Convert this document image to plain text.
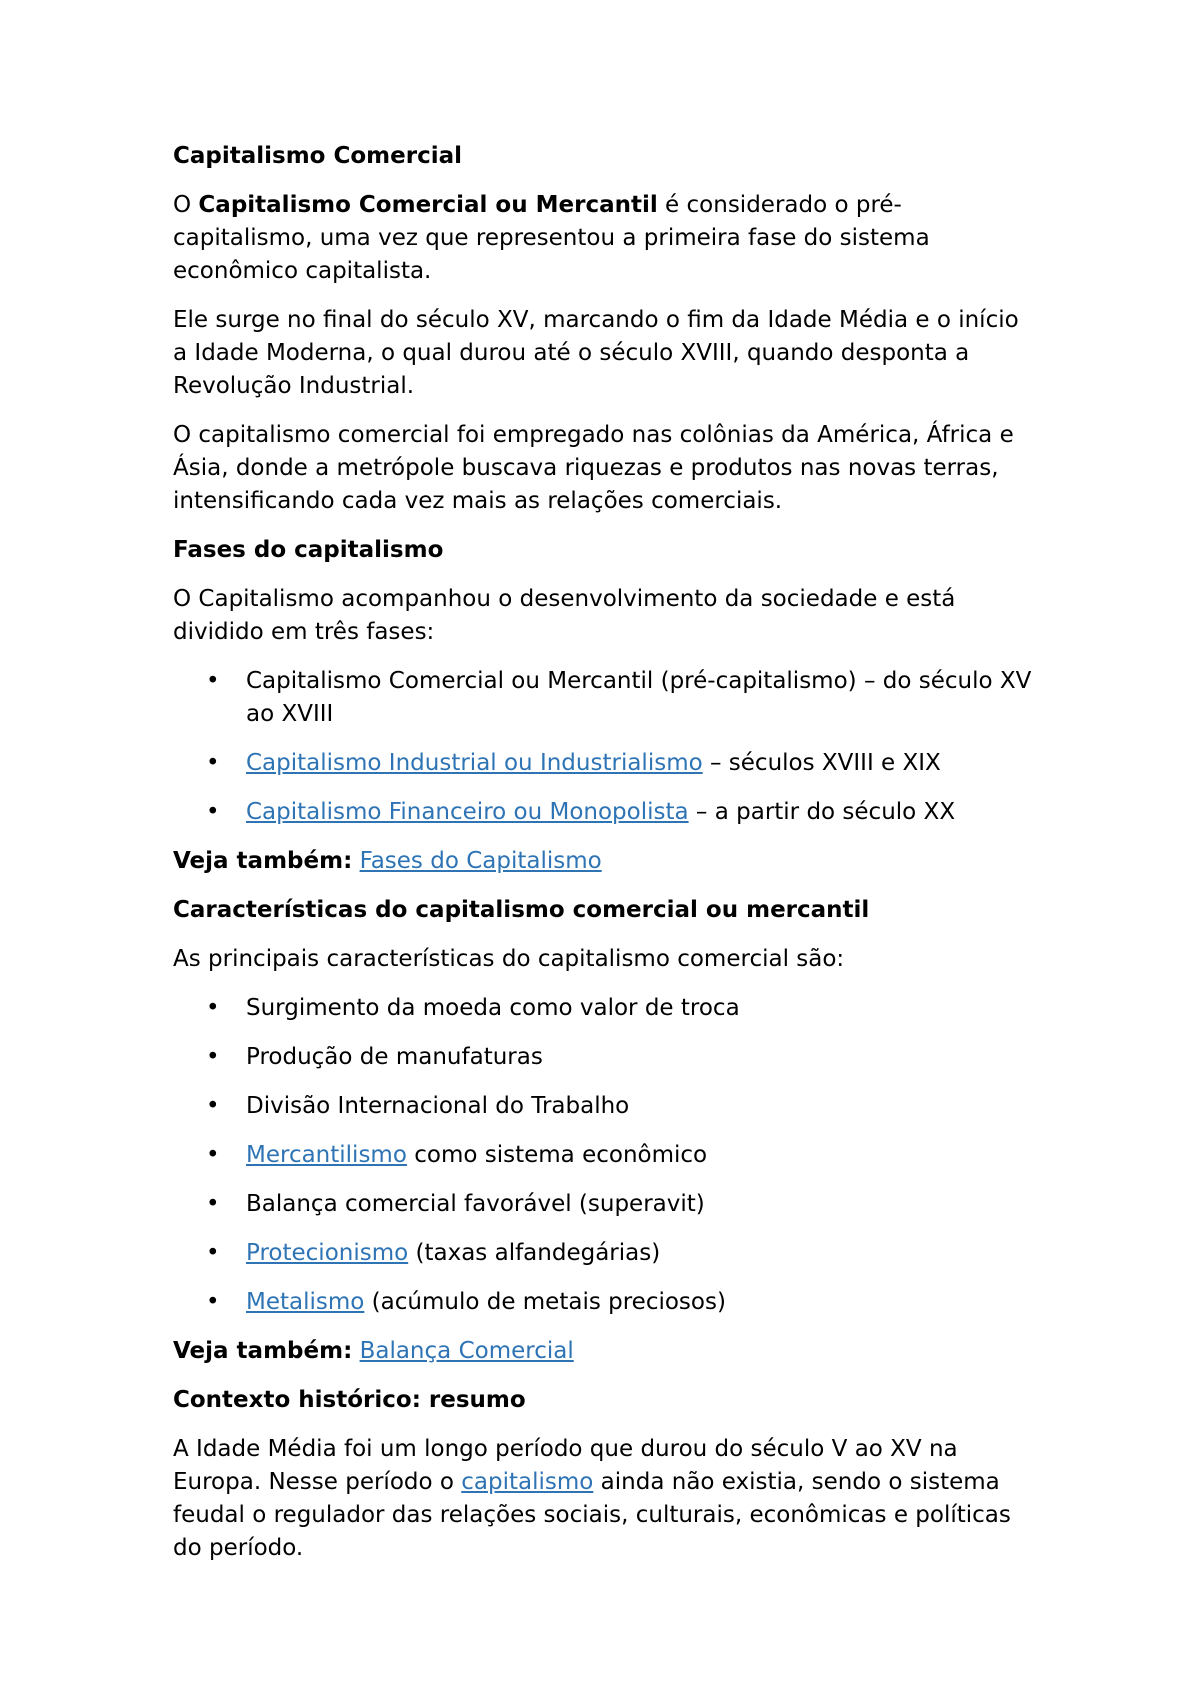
Capitalismo Comercial

O Capitalismo Comercial ou Mercantil é considerado o pré-capitalismo, uma vez que representou a primeira fase do sistema econômico capitalista.

Ele surge no final do século XV, marcando o fim da Idade Média e o início a Idade Moderna, o qual durou até o século XVIII, quando desponta a Revolução Industrial.

O capitalismo comercial foi empregado nas colônias da América, África e Ásia, donde a metrópole buscava riquezas e produtos nas novas terras, intensificando cada vez mais as relações comerciais.

Fases do capitalismo

O Capitalismo acompanhou o desenvolvimento da sociedade e está dividido em três fases:

• Capitalismo Comercial ou Mercantil (pré-capitalismo) – do século XV ao XVIII
• Capitalismo Industrial ou Industrialismo – séculos XVIII e XIX
• Capitalismo Financeiro ou Monopolista – a partir do século XX

Veja também: Fases do Capitalismo

Características do capitalismo comercial ou mercantil

As principais características do capitalismo comercial são:

• Surgimento da moeda como valor de troca
• Produção de manufaturas
• Divisão Internacional do Trabalho
• Mercantilismo como sistema econômico
• Balança comercial favorável (superavit)
• Protecionismo (taxas alfandegárias)
• Metalismo (acúmulo de metais preciosos)

Veja também: Balança Comercial

Contexto histórico: resumo

A Idade Média foi um longo período que durou do século V ao XV na Europa. Nesse período o capitalismo ainda não existia, sendo o sistema feudal o regulador das relações sociais, culturais, econômicas e políticas do período.
